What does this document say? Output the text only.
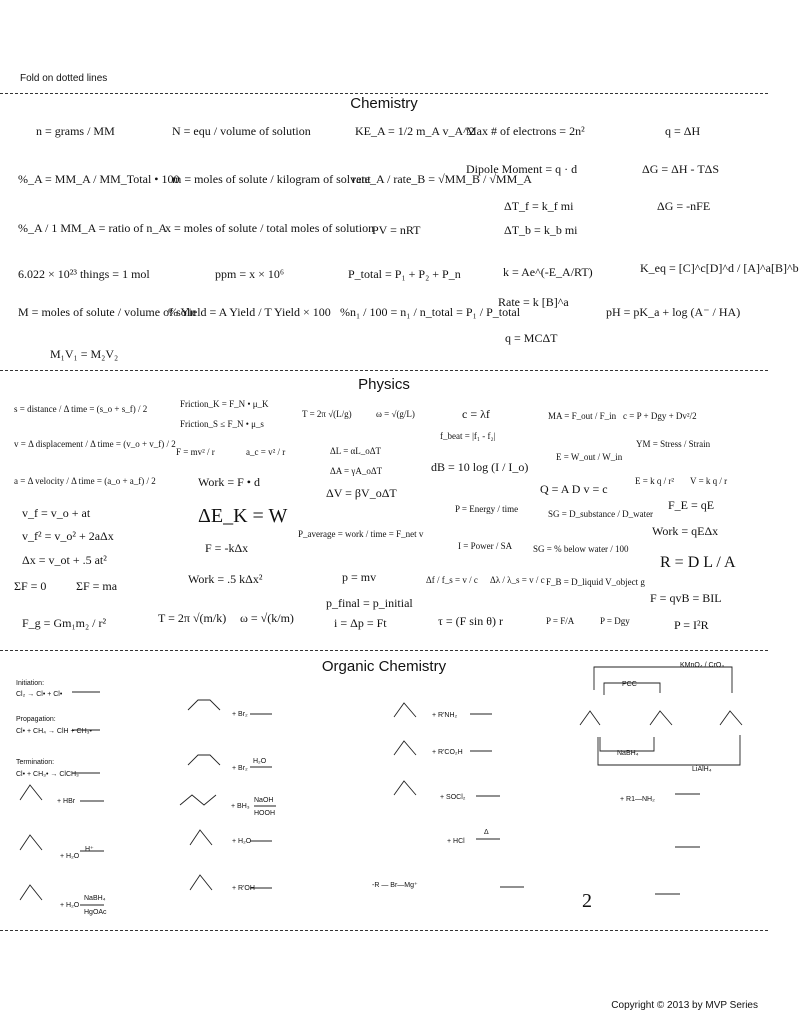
Fold on dotted lines
Chemistry
n = grams / MM	N = equ / volume of solution	KE_A = 1/2 m_A v_A^2
Max # of electrons = 2n²	q = ΔH
%_A = MM_A / MM_Total • 100
m = moles of solute / kilogram of solvent
rate_A / rate_B = √MM_B / √MM_A
Dipole Moment = q · d	ΔG = ΔH - TΔS
%_A / 1 MM_A = ratio of n_A
x = moles of solute / total moles of solution
ΔT_f = k_f mi	ΔG = -nFE
PV = nRT	ΔT_b = k_b mi
6.022 × 10²³ things = 1 mol	ppm = x × 10⁶	P_total = P₁ + P₂ + P_n	k = Ae^(-E_A/RT)	K_eq = [C]^c[D]^d / [A]^a[B]^b
M = moles of solute / volume of soln
% Yield = A Yield / T Yield × 100 %n₁ / 100 = n₁ / n_total = P₁ / P_total
Rate = k [B]^a
pH = pK_a + log (A⁻ / HA)
q = MCΔT
M₁V₁ = M₂V₂
Physics
s = distance / Δ time = (s_o + s_f) / 2	Friction_K = F_N • μ_K
Friction_S ≤ F_N • μ_s
T = 2π √(L/g)	ω = √(g/L)	c = λf	MA = F_out / F_in c = P + Dgy + Dv²/2
v = Δ displacement / Δ time = (v_o + v_f) / 2
F = mv² / r	a_c = v² / r
f_beat = |f₁ - f₂|
YM = Stress / Strain
ΔL = αL_oΔT
dB = 10 log (I / I_o)
E = W_out / W_in
a = Δ velocity / Δ time = (a_o + a_f) / 2
ΔA = γA_oΔT
Work = F • d	Q = A D v = c
E = k q / r² V = k q / r
v_f = v_o + at
ΔV = βV_oΔT
F_E = qE
ΔE_K = W	P = Energy / time	SG = D_substance / D_water
v_f² = v_o² + 2aΔx	Work = qEΔx
P_average = work / time = F_net v
Δx = v_ot + .5 at²
F = -kΔx	I = Power / SA SG = % below water / 100
R = D L / A
ΣF = 0 ΣF = ma	Work = .5 kΔx²	p = mv	Δf / f_s = v / c Δλ / λ_s = v / c F_B = D_liquid V_object g
F = qvB = BIL
F_g = Gm₁m₂ / r²	T = 2π √(m/k) ω = √(k/m)
p_final = p_initial
i = Δp = Ft	τ = (F sin θ) r	P = F/A	P = Dgy	P = I²R
Organic Chemistry
Initiation:
Cl₂ → Cl• + Cl•
Propagation:
Cl• + CH₄ → ClH + CH₃•
Termination:
Cl• + CH₃• → ClCH₃
+ HBr
H⁺
+ H₂O
NaBH₄
+ H₂O
HgOAc
+ Br₂
H₂O
+ Br₂
+ BH₃
NaOH
HOOH
+ H₂O
+ R'OH
+ R'NH₂
+ R'CO₂H
+ SOCl₂
+ HCl
Δ
-R — Br—Mg⁺
PCC
KMnO₄ / CrO₃
NaBH₄
LiAlH₄
+ R1—NH₂
2
Copyright © 2013 by MVP Series
